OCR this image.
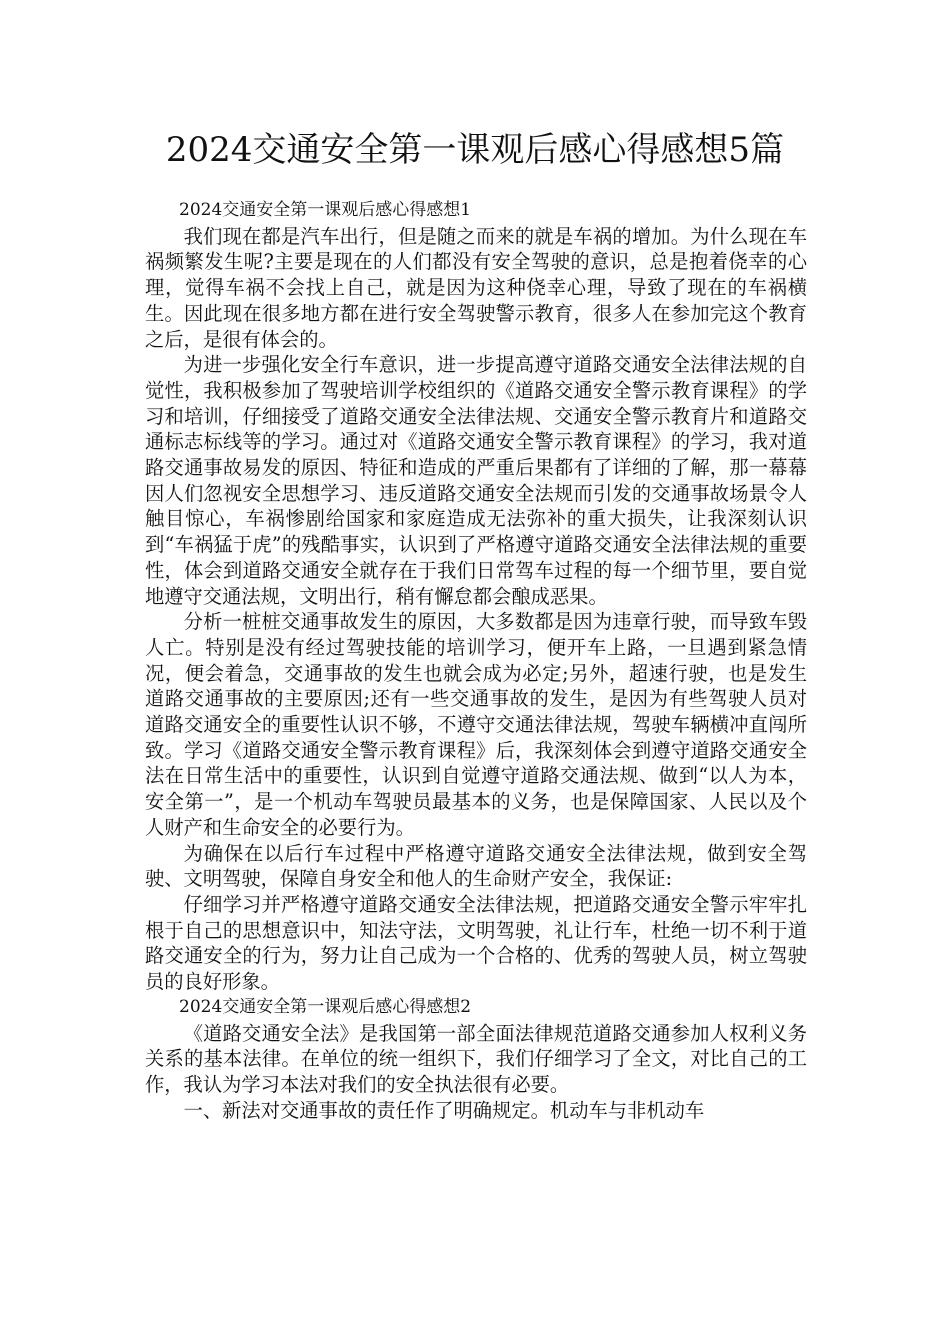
2024交通安全第一课观后感心得感想5篇

2024交通安全第一课观后感心得感想1

我们现在都是汽车出行，但是随之而来的就是车祸的增加。为什么现在车祸频繁发生呢?主要是现在的人们都没有安全驾驶的意识，总是抱着侥幸的心理，觉得车祸不会找上自己，就是因为这种侥幸心理，导致了现在的车祸横生。因此现在很多地方都在进行安全驾驶警示教育，很多人在参加完这个教育之后，是很有体会的。

为进一步强化安全行车意识，进一步提高遵守道路交通安全法律法规的自觉性，我积极参加了驾驶培训学校组织的《道路交通安全警示教育课程》的学习和培训，仔细接受了道路交通安全法律法规、交通安全警示教育片和道路交通标志标线等的学习。通过对《道路交通安全警示教育课程》的学习，我对道路交通事故易发的原因、特征和造成的严重后果都有了详细的了解，那一幕幕因人们忽视安全思想学习、违反道路交通安全法规而引发的交通事故场景令人触目惊心，车祸惨剧给国家和家庭造成无法弥补的重大损失，让我深刻认识到“车祸猛于虎”的残酷事实，认识到了严格遵守道路交通安全法律法规的重要性，体会到道路交通安全就存在于我们日常驾车过程的每一个细节里，要自觉地遵守交通法规，文明出行，稍有懈怠都会酿成恶果。

分析一桩桩交通事故发生的原因，大多数都是因为违章行驶，而导致车毁人亡。特别是没有经过驾驶技能的培训学习，便开车上路，一旦遇到紧急情况，便会着急，交通事故的发生也就会成为必定;另外，超速行驶，也是发生道路交通事故的主要原因;还有一些交通事故的发生，是因为有些驾驶人员对道路交通安全的重要性认识不够，不遵守交通法律法规，驾驶车辆横冲直闯所致。学习《道路交通安全警示教育课程》后，我深刻体会到遵守道路交通安全法在日常生活中的重要性，认识到自觉遵守道路交通法规、做到“以人为本，安全第一”，是一个机动车驾驶员最基本的义务，也是保障国家、人民以及个人财产和生命安全的必要行为。

为确保在以后行车过程中严格遵守道路交通安全法律法规，做到安全驾驶、文明驾驶，保障自身安全和他人的生命财产安全，我保证:

仔细学习并严格遵守道路交通安全法律法规，把道路交通安全警示牢牢扎根于自己的思想意识中，知法守法，文明驾驶，礼让行车，杜绝一切不利于道路交通安全的行为，努力让自己成为一个合格的、优秀的驾驶人员，树立驾驶员的良好形象。

2024交通安全第一课观后感心得感想2

《道路交通安全法》是我国第一部全面法律规范道路交通参加人权利义务关系的基本法律。在单位的统一组织下，我们仔细学习了全文，对比自己的工作，我认为学习本法对我们的安全执法很有必要。

一、新法对交通事故的责任作了明确规定。机动车与非机动车
